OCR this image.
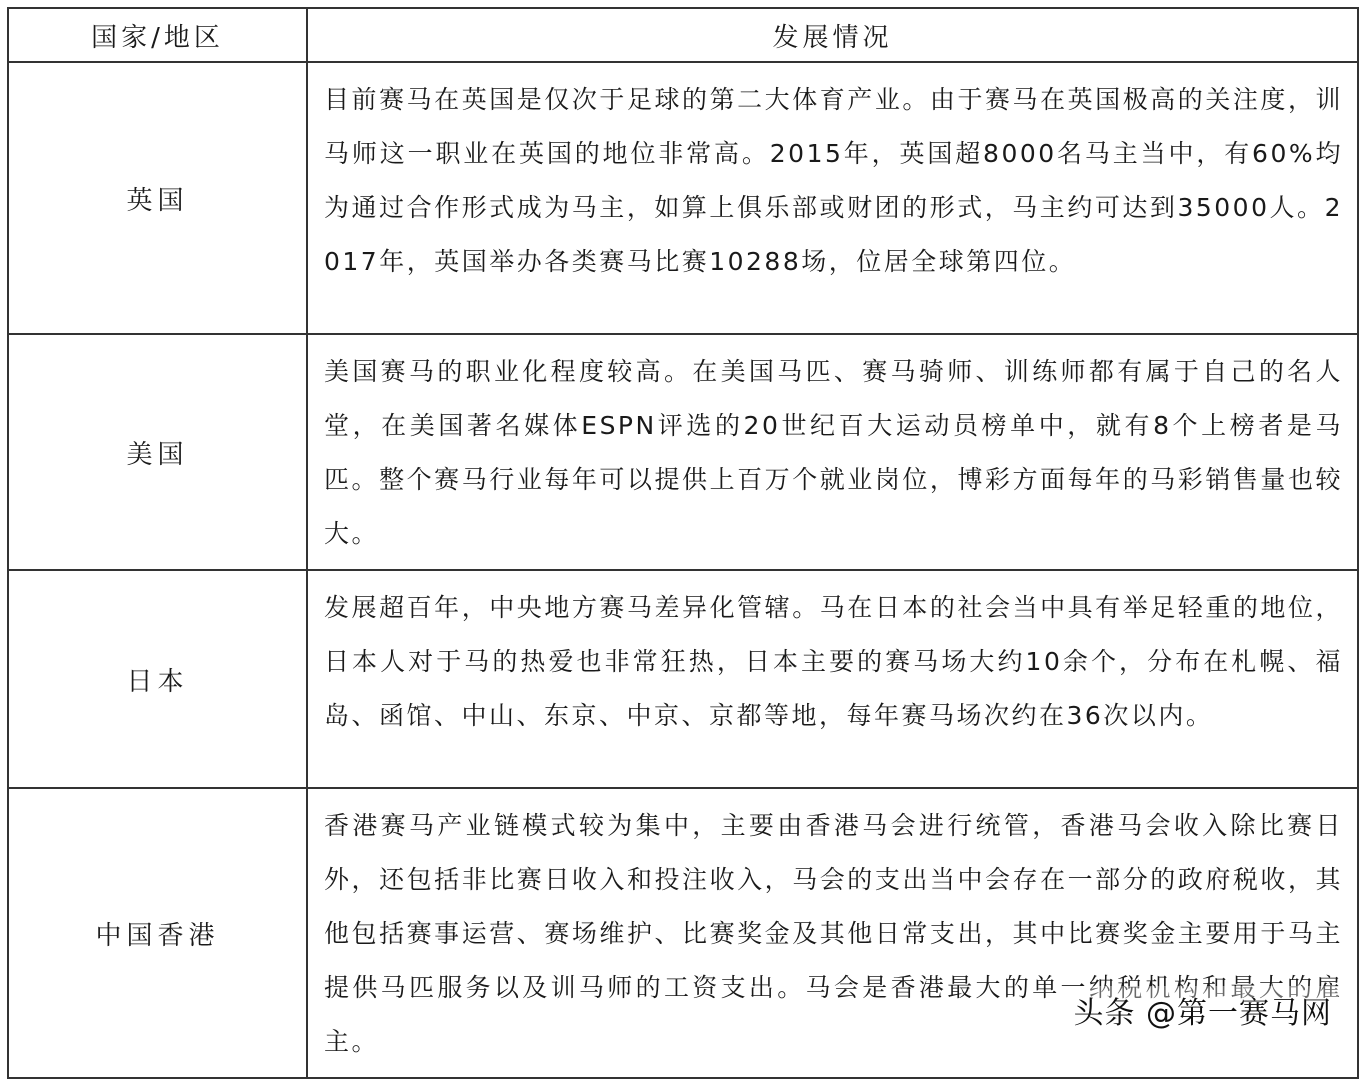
国家/地区	发展情况
英国	目前赛马在英国是仅次于足球的第二大体育产业。由于赛马在英国极高的关注度，训马师这一职业在英国的地位非常高。2015年，英国超8000名马主当中，有60%均为通过合作形式成为马主，如算上俱乐部或财团的形式，马主约可达到35000人。2017年，英国举办各类赛马比赛10288场，位居全球第四位。
美国	美国赛马的职业化程度较高。在美国马匹、赛马骑师、训练师都有属于自己的名人堂，在美国著名媒体ESPN评选的20世纪百大运动员榜单中，就有8个上榜者是马匹。整个赛马行业每年可以提供上百万个就业岗位，博彩方面每年的马彩销售量也较大。
日本	发展超百年，中央地方赛马差异化管辖。马在日本的社会当中具有举足轻重的地位，日本人对于马的热爱也非常狂热，日本主要的赛马场大约10余个，分布在札幌、福岛、函馆、中山、东京、中京、京都等地，每年赛马场次约在36次以内。
中国香港	香港赛马产业链模式较为集中，主要由香港马会进行统管，香港马会收入除比赛日外，还包括非比赛日收入和投注收入，马会的支出当中会存在一部分的政府税收，其他包括赛事运营、赛场维护、比赛奖金及其他日常支出，其中比赛奖金主要用于马主提供马匹服务以及训马师的工资支出。马会是香港最大的单一纳税机构和最大的雇主。
头条 @第一赛马网
